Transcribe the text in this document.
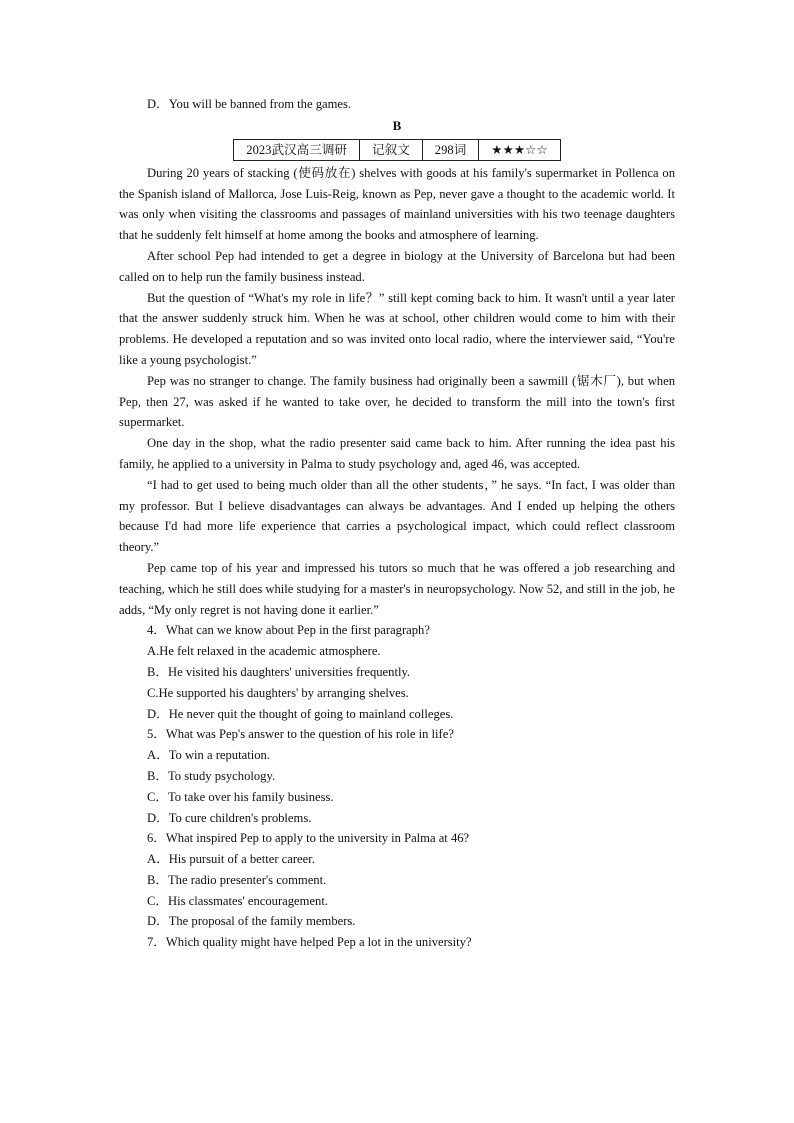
D．You will be banned from the games.

B

2023武汉高三调研	记叙文	298词	★★★☆☆

During 20 years of stacking (使码放在) shelves with goods at his family's supermarket in Pollenca on the Spanish island of Mallorca, Jose Luis-Reig, known as Pep, never gave a thought to the academic world. It was only when visiting the classrooms and passages of mainland universities with his two teenage daughters that he suddenly felt himself at home among the books and atmosphere of learning.

After school Pep had intended to get a degree in biology at the University of Barcelona but had been called on to help run the family business instead.

But the question of “What's my role in life？” still kept coming back to him. It wasn't until a year later that the answer suddenly struck him. When he was at school, other children would come to him with their problems. He developed a reputation and so was invited onto local radio, where the interviewer said, “You're like a young psychologist.”

Pep was no stranger to change. The family business had originally been a sawmill (锯木厂), but when Pep, then 27, was asked if he wanted to take over, he decided to transform the mill into the town's first supermarket.

One day in the shop, what the radio presenter said came back to him. After running the idea past his family, he applied to a university in Palma to study psychology and, aged 46, was accepted.

“I had to get used to being much older than all the other students，” he says. “In fact, I was older than my professor. But I believe disadvantages can always be advantages. And I ended up helping the others because I'd had more life experience that carries a psychological impact, which could reflect classroom theory.”

Pep came top of his year and impressed his tutors so much that he was offered a job researching and teaching, which he still does while studying for a master's in neuropsychology. Now 52, and still in the job, he adds, “My only regret is not having done it earlier.”

4．What can we know about Pep in the first paragraph?

A.He felt relaxed in the academic atmosphere.

B．He visited his daughters' universities frequently.

C.He supported his daughters' by arranging shelves.

D．He never quit the thought of going to mainland colleges.

5．What was Pep's answer to the question of his role in life?

A．To win a reputation.

B．To study psychology.

C．To take over his family business.

D．To cure children's problems.

6．What inspired Pep to apply to the university in Palma at 46?

A．His pursuit of a better career.

B．The radio presenter's comment.

C．His classmates' encouragement.

D．The proposal of the family members.

7．Which quality might have helped Pep a lot in the university?
